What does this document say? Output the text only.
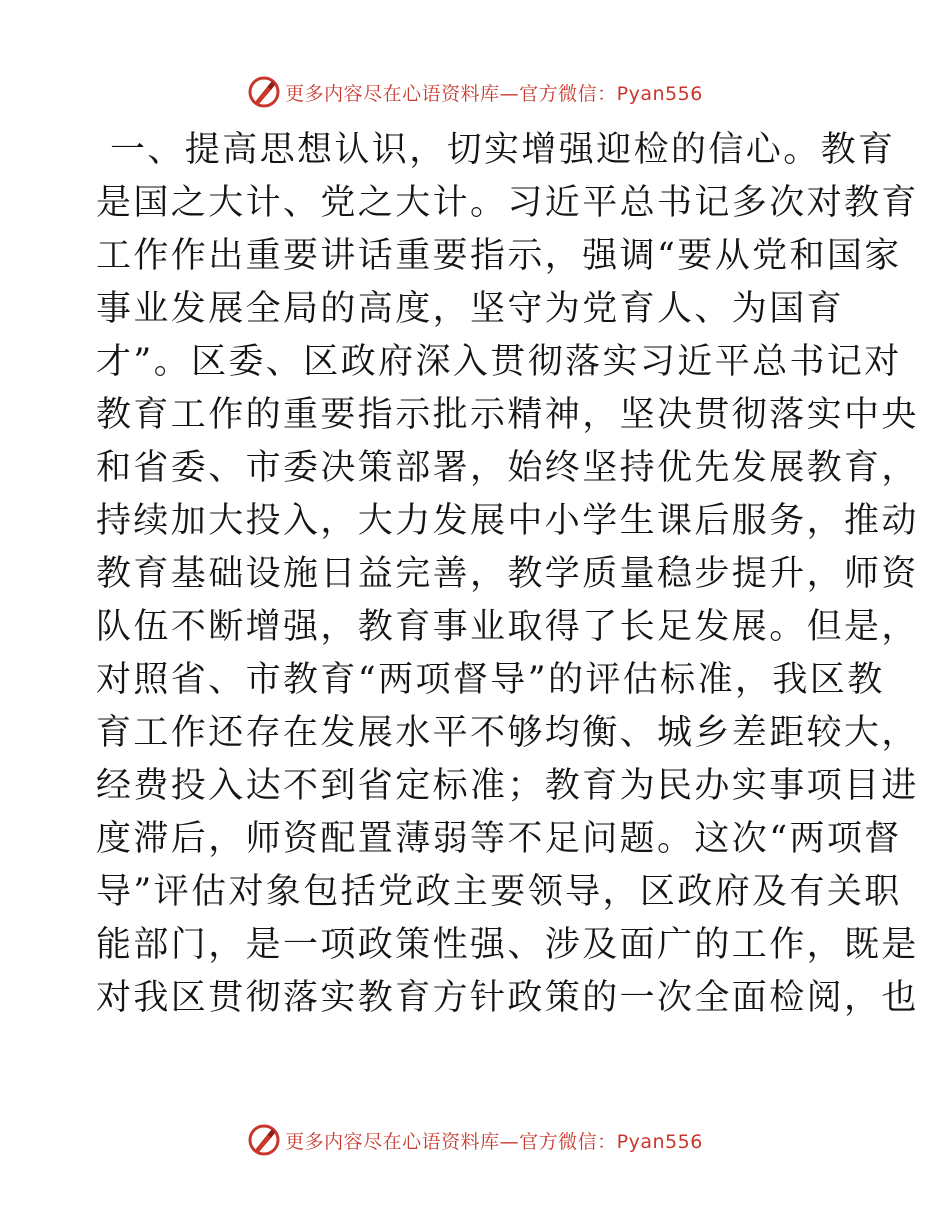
更多内容尽在心语资料库—官方微信：Pyan556
一、提高思想认识，切实增强迎检的信心。教育
是国之大计、党之大计。习近平总书记多次对教育
工作作出重要讲话重要指示，强调“要从党和国家
事业发展全局的高度，坚守为党育人、为国育
才”。区委、区政府深入贯彻落实习近平总书记对
教育工作的重要指示批示精神，坚决贯彻落实中央
和省委、市委决策部署，始终坚持优先发展教育，
持续加大投入，大力发展中小学生课后服务，推动
教育基础设施日益完善，教学质量稳步提升，师资
队伍不断增强，教育事业取得了长足发展。但是，
对照省、市教育“两项督导”的评估标准，我区教
育工作还存在发展水平不够均衡、城乡差距较大，
经费投入达不到省定标准；教育为民办实事项目进
度滞后，师资配置薄弱等不足问题。这次“两项督
导”评估对象包括党政主要领导，区政府及有关职
能部门，是一项政策性强、涉及面广的工作，既是
对我区贯彻落实教育方针政策的一次全面检阅，也
更多内容尽在心语资料库—官方微信：Pyan556
